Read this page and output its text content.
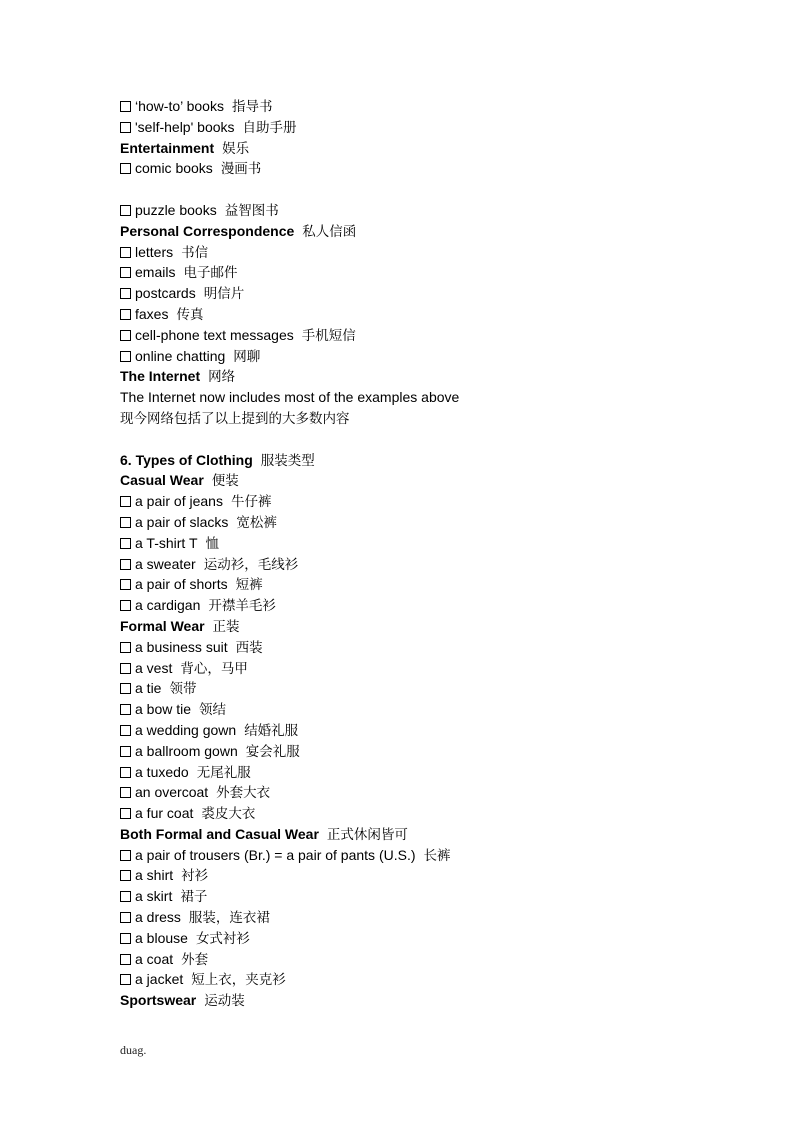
‘how-to’ books 指导书
'self-help' books 自助手册
Entertainment 娱乐
comic books 漫画书
puzzle books 益智图书
Personal Correspondence 私人信函
letters 书信
emails 电子邮件
postcards 明信片
faxes 传真
cell-phone text messages 手机短信
online chatting 网聊
The Internet 网络
The Internet now includes most of the examples above
现今网络包括了以上提到的大多数内容
6. Types of Clothing 服装类型
Casual Wear 便装
a pair of jeans 牛仔裤
a pair of slacks 宽松裤
a T-shirt T 恤
a sweater 运动衫，毛线衫
a pair of shorts 短裤
a cardigan 开襟羊毛衫
Formal Wear 正装
a business suit 西装
a vest 背心，马甲
a tie 领带
a bow tie 领结
a wedding gown 结婚礼服
a ballroom gown 宴会礼服
a tuxedo 无尾礼服
an overcoat 外套大衣
a fur coat 裘皮大衣
Both Formal and Casual Wear 正式休闲皆可
a pair of trousers (Br.) = a pair of pants (U.S.) 长裤
a shirt 衬衫
a skirt 裙子
a dress 服装，连衣裙
a blouse 女式衬衫
a coat 外套
a jacket 短上衣，夹克衫
Sportswear 运动装
duag.
